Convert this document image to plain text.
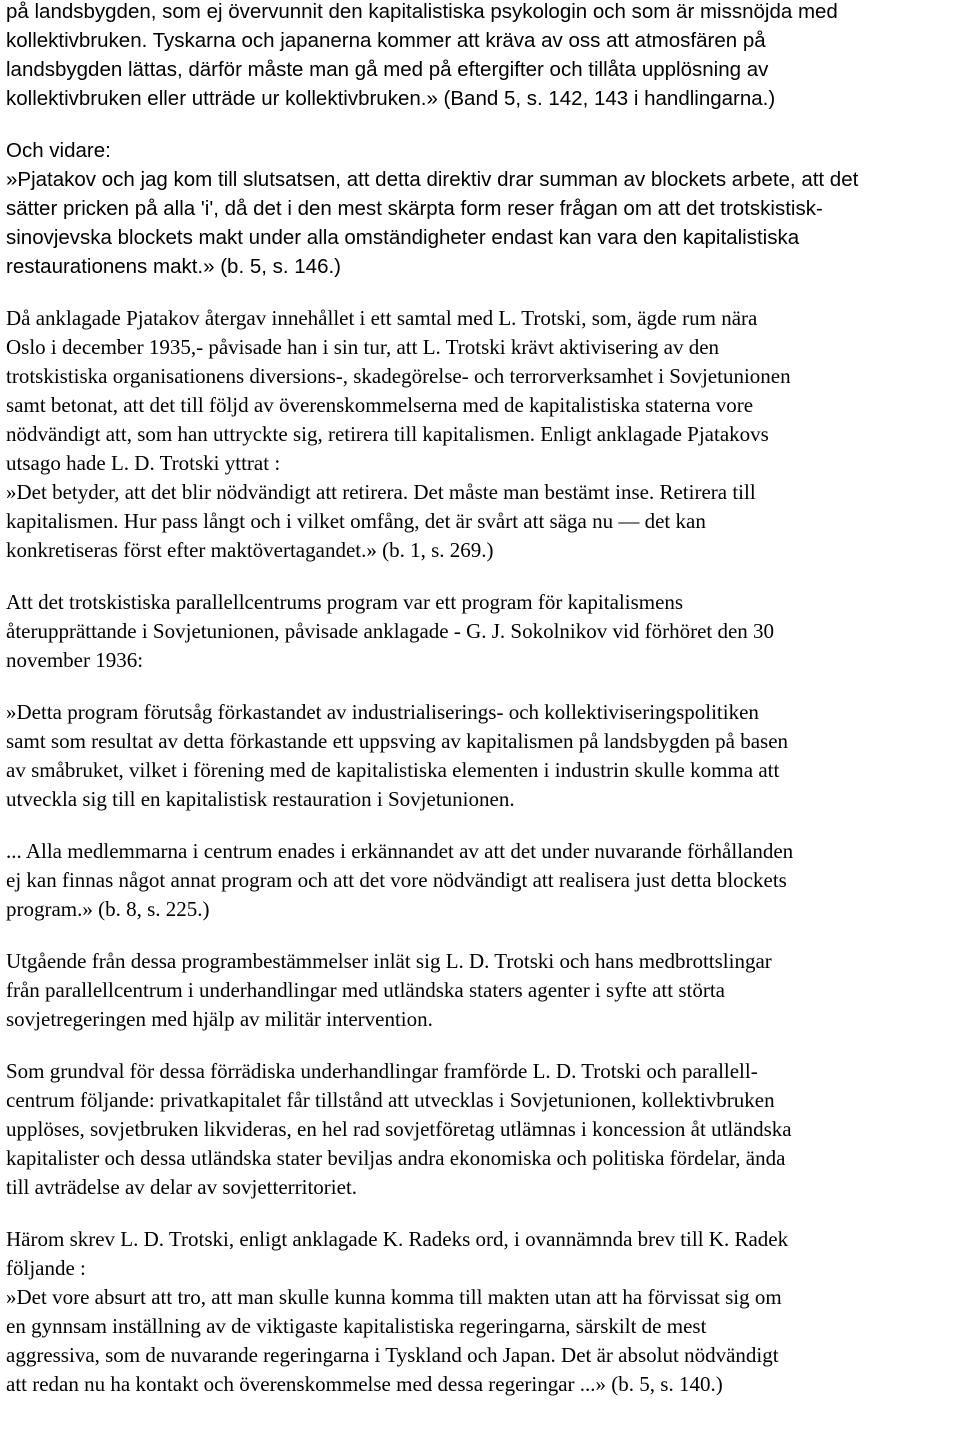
på landsbygden, som ej övervunnit den kapitalistiska psykologin och som är missnöjda med
kollektivbruken. Tyskarna och japanerna kommer att kräva av oss att atmosfären på
landsbygden lättas, därför måste man gå med på eftergifter och tillåta upplösning av
kollektivbruken eller utträde ur kollektivbruken.» (Band 5, s. 142, 143 i handlingarna.)
Och vidare:
»Pjatakov och jag kom till slutsatsen, att detta direktiv drar summan av blockets arbete, att det
sätter pricken på alla 'i', då det i den mest skärpta form reser frågan om att det trotskistisk-
sinovjevska blockets makt under alla omständigheter endast kan vara den kapitalistiska
restaurationens makt.» (b. 5, s. 146.)
Då anklagade Pjatakov återgav innehållet i ett samtal med L. Trotski, som, ägde rum nära
Oslo i december 1935,- påvisade han i sin tur, att L. Trotski krävt aktivisering av den
trotskistiska organisationens diversions-, skadegörelse- och terrorverksamhet i Sovjetunionen
samt betonat, att det till följd av överenskommelserna med de kapitalistiska staterna vore
nödvändigt att, som han uttryckte sig, retirera till kapitalismen. Enligt anklagade Pjatakovs
utsago hade L. D. Trotski yttrat :
»Det betyder, att det blir nödvändigt att retirera. Det måste man bestämt inse. Retirera till
kapitalismen. Hur pass långt och i vilket omfång, det är svårt att säga nu — det kan
konkretiseras först efter maktövertagandet.» (b. 1, s. 269.)
Att det trotskistiska parallellcentrums program var ett program för kapitalismens
återupprättande i Sovjetunionen, påvisade anklagade - G. J. Sokolnikov vid förhöret den 30
november 1936:
»Detta program förutsåg förkastandet av industrialiserings- och kollektiviseringspolitiken
samt som resultat av detta förkastande ett uppsving av kapitalismen på landsbygden på basen
av småbruket, vilket i förening med de kapitalistiska elementen i industrin skulle komma att
utveckla sig till en kapitalistisk restauration i Sovjetunionen.
... Alla medlemmarna i centrum enades i erkännandet av att det under nuvarande förhållanden
ej kan finnas något annat program och att det vore nödvändigt att realisera just detta blockets
program.» (b. 8, s. 225.)
Utgående från dessa programbestämmelser inlät sig L. D. Trotski och hans medbrottslingar
från parallellcentrum i underhandlingar med utländska staters agenter i syfte att störta
sovjetregeringen med hjälp av militär intervention.
Som grundval för dessa förrädiska underhandlingar framförde L. D. Trotski och parallell-
centrum följande: privatkapitalet får tillstånd att utvecklas i Sovjetunionen, kollektivbruken
upplöses, sovjetbruken likvideras, en hel rad sovjetföretag utlämnas i koncession åt utländska
kapitalister och dessa utländska stater beviljas andra ekonomiska och politiska fördelar, ända
till avträdelse av delar av sovjetterritoriet.
Härom skrev L. D. Trotski, enligt anklagade K. Radeks ord, i ovannämnda brev till K. Radek
följande :
»Det vore absurt att tro, att man skulle kunna komma till makten utan att ha förvissat sig om
en gynnsam inställning av de viktigaste kapitalistiska regeringarna, särskilt de mest
aggressiva, som de nuvarande regeringarna i Tyskland och Japan. Det är absolut nödvändigt
att redan nu ha kontakt och överenskommelse med dessa regeringar ...» (b. 5, s. 140.)
